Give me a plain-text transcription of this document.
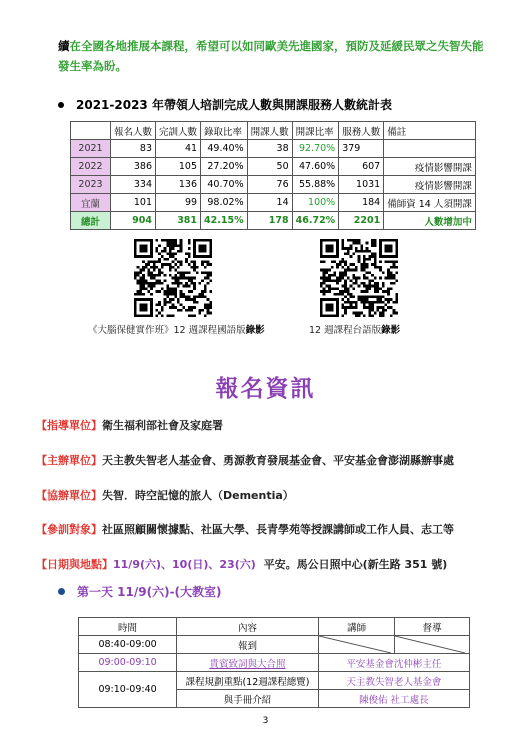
續在全國各地推展本課程，希望可以如同歐美先進國家，預防及延緩民眾之失智失能發生率為盼。
2021-2023 年帶領人培訓完成人數與開課服務人數統計表
	報名人數	完訓人數	錄取比率	開課人數	開課比率	服務人數	備註
2021	83	41	49.40%	38	92.70%	379	
2022	386	105	27.20%	50	47.60%	607	疫情影響開課
2023	334	136	40.70%	76	55.88%	1031	疫情影響開課
宜蘭	101	99	98.02%	14	100%	184	備師資 14 人須開課
總計	904	381	42.15%	178	46.72%	2201	人數增加中
《大腦保健實作班》12 週課程國語版錄影	12 週課程台語版錄影
報名資訊
【指導單位】衛生福利部社會及家庭署
【主辦單位】天主教失智老人基金會、勇源教育發展基金會、平安基金會澎湖縣辦事處
【協辦單位】失智．時空記憶的旅人（Dementia）
【參訓對象】社區照顧關懷據點、社區大學、長青學苑等授課講師或工作人員、志工等
【日期與地點】11/9(六)、10(日)、23(六) 平安。馬公日照中心(新生路 351 號)
第一天 11/9(六)-(大教室)
時間	內容	講師	督導
08:40-09:00	報到	

09:00-09:10	貴賓致詞與大合照	平安基金會沈仲彬主任	
09:10-09:40	課程規劃重點(12週課程總覽)	天主教失智老人基金會	
	與手冊介紹	陳俊佑 社工處長	
3
